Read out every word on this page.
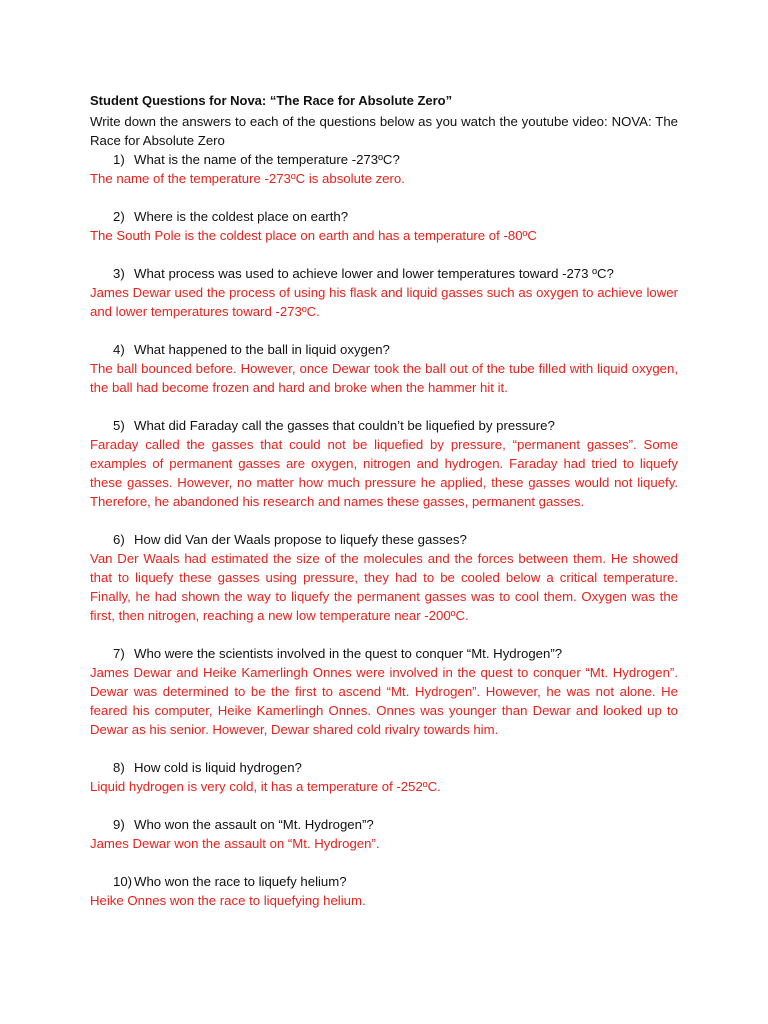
Student Questions for Nova: “The Race for Absolute Zero”

Write down the answers to each of the questions below as you watch the youtube video: NOVA: The Race for Absolute Zero

1) What is the name of the temperature -273ºC?

The name of the temperature -273ºC is absolute zero.

2) Where is the coldest place on earth?

The South Pole is the coldest place on earth and has a temperature of -80ºC

3) What process was used to achieve lower and lower temperatures toward -273 ºC?

James Dewar used the process of using his flask and liquid gasses such as oxygen to achieve lower and lower temperatures toward -273ºC.

4) What happened to the ball in liquid oxygen?

The ball bounced before. However, once Dewar took the ball out of the tube filled with liquid oxygen, the ball had become frozen and hard and broke when the hammer hit it.

5) What did Faraday call the gasses that couldn’t be liquefied by pressure?

Faraday called the gasses that could not be liquefied by pressure, “permanent gasses”. Some examples of permanent gasses are oxygen, nitrogen and hydrogen. Faraday had tried to liquefy these gasses. However, no matter how much pressure he applied, these gasses would not liquefy. Therefore, he abandoned his research and names these gasses, permanent gasses.

6) How did Van der Waals propose to liquefy these gasses?

Van Der Waals had estimated the size of the molecules and the forces between them. He showed that to liquefy these gasses using pressure, they had to be cooled below a critical temperature. Finally, he had shown the way to liquefy the permanent gasses was to cool them. Oxygen was the first, then nitrogen, reaching a new low temperature near -200ºC.

7) Who were the scientists involved in the quest to conquer “Mt. Hydrogen”?

James Dewar and Heike Kamerlingh Onnes were involved in the quest to conquer “Mt. Hydrogen”. Dewar was determined to be the first to ascend “Mt. Hydrogen”. However, he was not alone. He feared his computer, Heike Kamerlingh Onnes. Onnes was younger than Dewar and looked up to Dewar as his senior. However, Dewar shared cold rivalry towards him.

8) How cold is liquid hydrogen?

Liquid hydrogen is very cold, it has a temperature of -252ºC.

9) Who won the assault on “Mt. Hydrogen”?

James Dewar won the assault on “Mt. Hydrogen”.

10) Who won the race to liquefy helium?

Heike Onnes won the race to liquefying helium.
